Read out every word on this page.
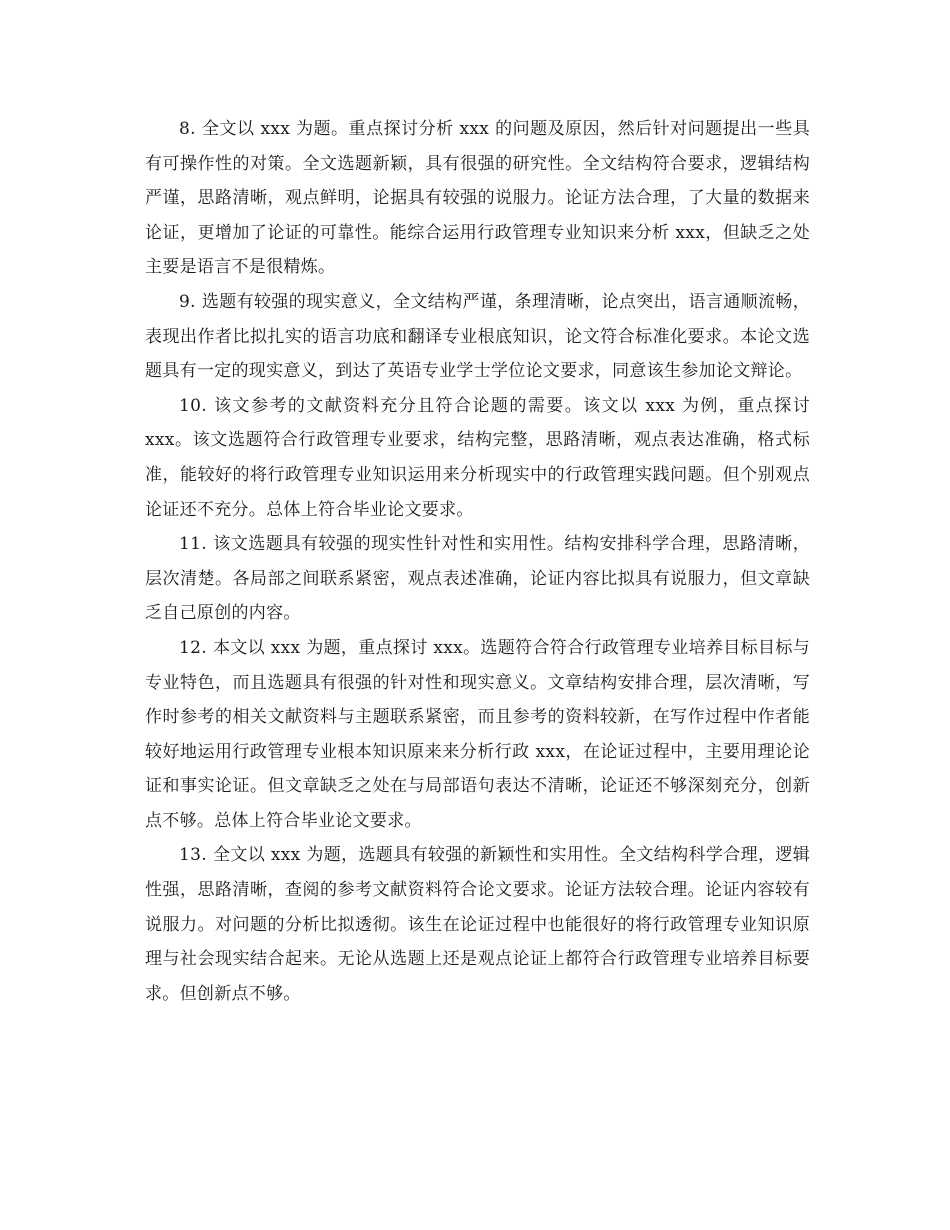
8. 全文以 xxx 为题。重点探讨分析 xxx 的问题及原因，然后针对问题提出一些具有可操作性的对策。全文选题新颖，具有很强的研究性。全文结构符合要求，逻辑结构严谨，思路清晰，观点鲜明，论据具有较强的说服力。论证方法合理，了大量的数据来论证，更增加了论证的可靠性。能综合运用行政管理专业知识来分析 xxx，但缺乏之处主要是语言不是很精炼。

9. 选题有较强的现实意义，全文结构严谨，条理清晰，论点突出，语言通顺流畅，表现出作者比拟扎实的语言功底和翻译专业根底知识，论文符合标准化要求。本论文选题具有一定的现实意义，到达了英语专业学士学位论文要求，同意该生参加论文辩论。

10. 该文参考的文献资料充分且符合论题的需要。该文以 xxx 为例，重点探讨 xxx。该文选题符合行政管理专业要求，结构完整，思路清晰，观点表达准确，格式标准，能较好的将行政管理专业知识运用来分析现实中的行政管理实践问题。但个别观点论证还不充分。总体上符合毕业论文要求。

11. 该文选题具有较强的现实性针对性和实用性。结构安排科学合理，思路清晰，层次清楚。各局部之间联系紧密，观点表述准确，论证内容比拟具有说服力，但文章缺乏自己原创的内容。

12. 本文以 xxx 为题，重点探讨 xxx。选题符合符合行政管理专业培养目标目标与专业特色，而且选题具有很强的针对性和现实意义。文章结构安排合理，层次清晰，写作时参考的相关文献资料与主题联系紧密，而且参考的资料较新，在写作过程中作者能较好地运用行政管理专业根本知识原来来分析行政 xxx，在论证过程中，主要用理论论证和事实论证。但文章缺乏之处在与局部语句表达不清晰，论证还不够深刻充分，创新点不够。总体上符合毕业论文要求。

13. 全文以 xxx 为题，选题具有较强的新颖性和实用性。全文结构科学合理，逻辑性强，思路清晰，查阅的参考文献资料符合论文要求。论证方法较合理。论证内容较有说服力。对问题的分析比拟透彻。该生在论证过程中也能很好的将行政管理专业知识原理与社会现实结合起来。无论从选题上还是观点论证上都符合行政管理专业培养目标要求。但创新点不够。
